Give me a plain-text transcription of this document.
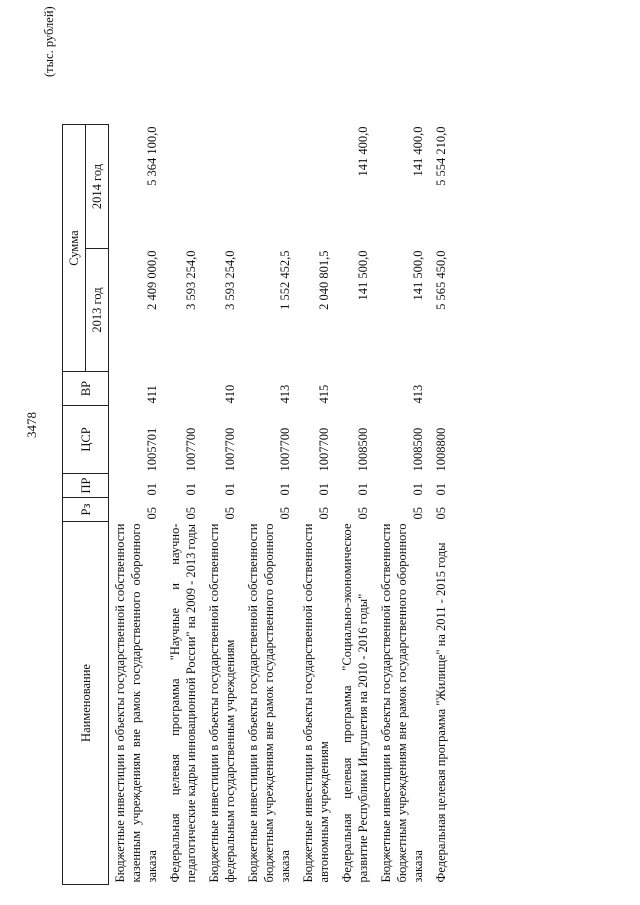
3478
(тыс. рублей)
Наименование	Рз	ПР	ЦСР	ВР	Сумма	
					2013 год	2014 год
Бюджетные инвестиции в объекты государственной собственности казенным учреждениям вне рамок государственного оборонного заказа	05	01	1005701	411	2 409 000,0	5 364 100,0
Федеральная целевая программа "Научные и научно-педагогические кадры инновационной России" на 2009 - 2013 годы	05	01	1007700		3 593 254,0	
Бюджетные инвестиции в объекты государственной собственности федеральным государственным учреждениям	05	01	1007700	410	3 593 254,0	
Бюджетные инвестиции в объекты государственной собственности бюджетным учреждениям вне рамок государственного оборонного заказа	05	01	1007700	413	1 552 452,5	
Бюджетные инвестиции в объекты государственной собственности автономным учреждениям	05	01	1007700	415	2 040 801,5	
Федеральная целевая программа "Социально-экономическое развитие Республики Ингушетия на 2010 - 2016 годы"	05	01	1008500		141 500,0	141 400,0
Бюджетные инвестиции в объекты государственной собственности бюджетным учреждениям вне рамок государственного оборонного заказа	05	01	1008500	413	141 500,0	141 400,0
Федеральная целевая программа "Жилище" на 2011 - 2015 годы	05	01	1008800		5 565 450,0	5 554 210,0
